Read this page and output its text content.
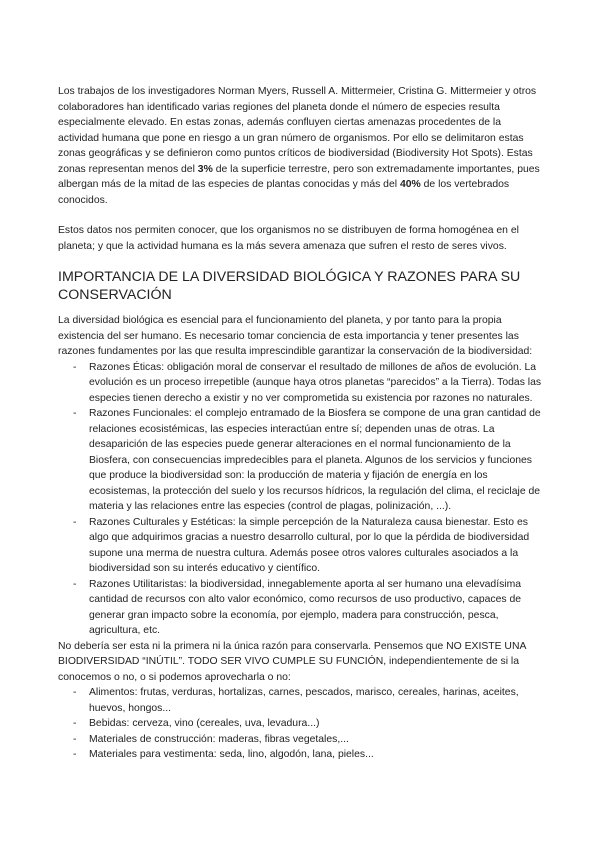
Los trabajos de los investigadores Norman Myers, Russell A. Mittermeier, Cristina G. Mittermeier y otros colaboradores han identificado varias regiones del planeta donde el número de especies resulta especialmente elevado. En estas zonas, además confluyen ciertas amenazas procedentes de la actividad humana que pone en riesgo a un gran número de organismos. Por ello se delimitaron estas zonas geográficas y se definieron como puntos críticos de biodiversidad (Biodiversity Hot Spots). Estas zonas representan menos del 3% de la superficie terrestre, pero son extremadamente importantes, pues albergan más de la mitad de las especies de plantas conocidas y más del 40% de los vertebrados conocidos.

Estos datos nos permiten conocer, que los organismos no se distribuyen de forma homogénea en el planeta; y que la actividad humana es la más severa amenaza que sufren el resto de seres vivos.

IMPORTANCIA DE LA DIVERSIDAD BIOLÓGICA Y RAZONES PARA SU CONSERVACIÓN

La diversidad biológica es esencial para el funcionamiento del planeta, y por tanto para la propia existencia del ser humano. Es necesario tomar conciencia de esta importancia y tener presentes las razones fundamentes por las que resulta imprescindible garantizar la conservación de la biodiversidad:

- Razones Éticas: obligación moral de conservar el resultado de millones de años de evolución. La evolución es un proceso irrepetible (aunque haya otros planetas “parecidos” a la Tierra). Todas las especies tienen derecho a existir y no ver comprometida su existencia por razones no naturales.
- Razones Funcionales: el complejo entramado de la Biosfera se compone de una gran cantidad de relaciones ecosistémicas, las especies interactúan entre sí; dependen unas de otras. La desaparición de las especies puede generar alteraciones en el normal funcionamiento de la Biosfera, con consecuencias impredecibles para el planeta. Algunos de los servicios y funciones que produce la biodiversidad son: la producción de materia y fijación de energía en los ecosistemas, la protección del suelo y los recursos hídricos, la regulación del clima, el reciclaje de materia y las relaciones entre las especies (control de plagas, polinización, ...).
- Razones Culturales y Estéticas: la simple percepción de la Naturaleza causa bienestar. Esto es algo que adquirimos gracias a nuestro desarrollo cultural, por lo que la pérdida de biodiversidad supone una merma de nuestra cultura. Además posee otros valores culturales asociados a la biodiversidad son su interés educativo y científico.
- Razones Utilitaristas: la biodiversidad, innegablemente aporta al ser humano una elevadísima cantidad de recursos con alto valor económico, como recursos de uso productivo, capaces de generar gran impacto sobre la economía, por ejemplo, madera para construcción, pesca, agricultura, etc.

No debería ser esta ni la primera ni la única razón para conservarla. Pensemos que NO EXISTE UNA BIODIVERSIDAD “INÚTIL”. TODO SER VIVO CUMPLE SU FUNCIÓN, independientemente de si la conocemos o no, o si podemos aprovecharla o no:

- Alimentos: frutas, verduras, hortalizas, carnes, pescados, marisco, cereales, harinas, aceites, huevos, hongos...
- Bebidas: cerveza, vino (cereales, uva, levadura...)
- Materiales de construcción: maderas, fibras vegetales,...
- Materiales para vestimenta: seda, lino, algodón, lana, pieles...
